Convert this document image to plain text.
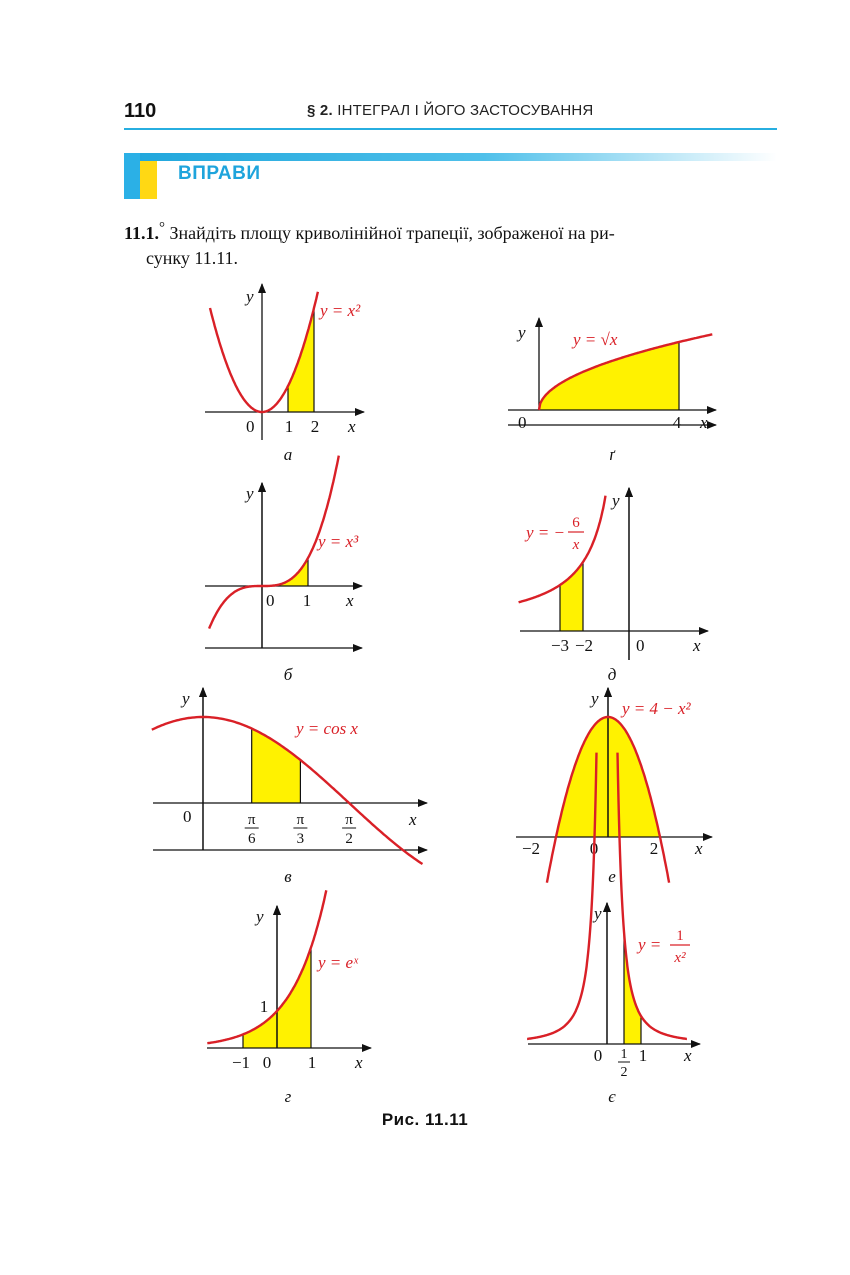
110	§ 2. ІНТЕГРАЛ І ЙОГО ЗАСТОСУВАННЯ
ВПРАВИ
11.1.° Знайдіть площу криволінійної трапеції, зображеної на ри-
сунку 11.11.
0 1 2 x
y
y = x²
а
0	4 x
y	y = √x
ґ
0 1 x
y
y = x³
б
−3 −2	0	x
y
y = − 6
x
д
π
6
π
3
π
2
0	x
y
y = cos x
в
−2	0	2 x
y
y = 4 − x²
е
−1 0 1 x
1
y
y = eˣ
г
0 1
2
1 x
y
y = 1
x²
є
Рис. 11.11
